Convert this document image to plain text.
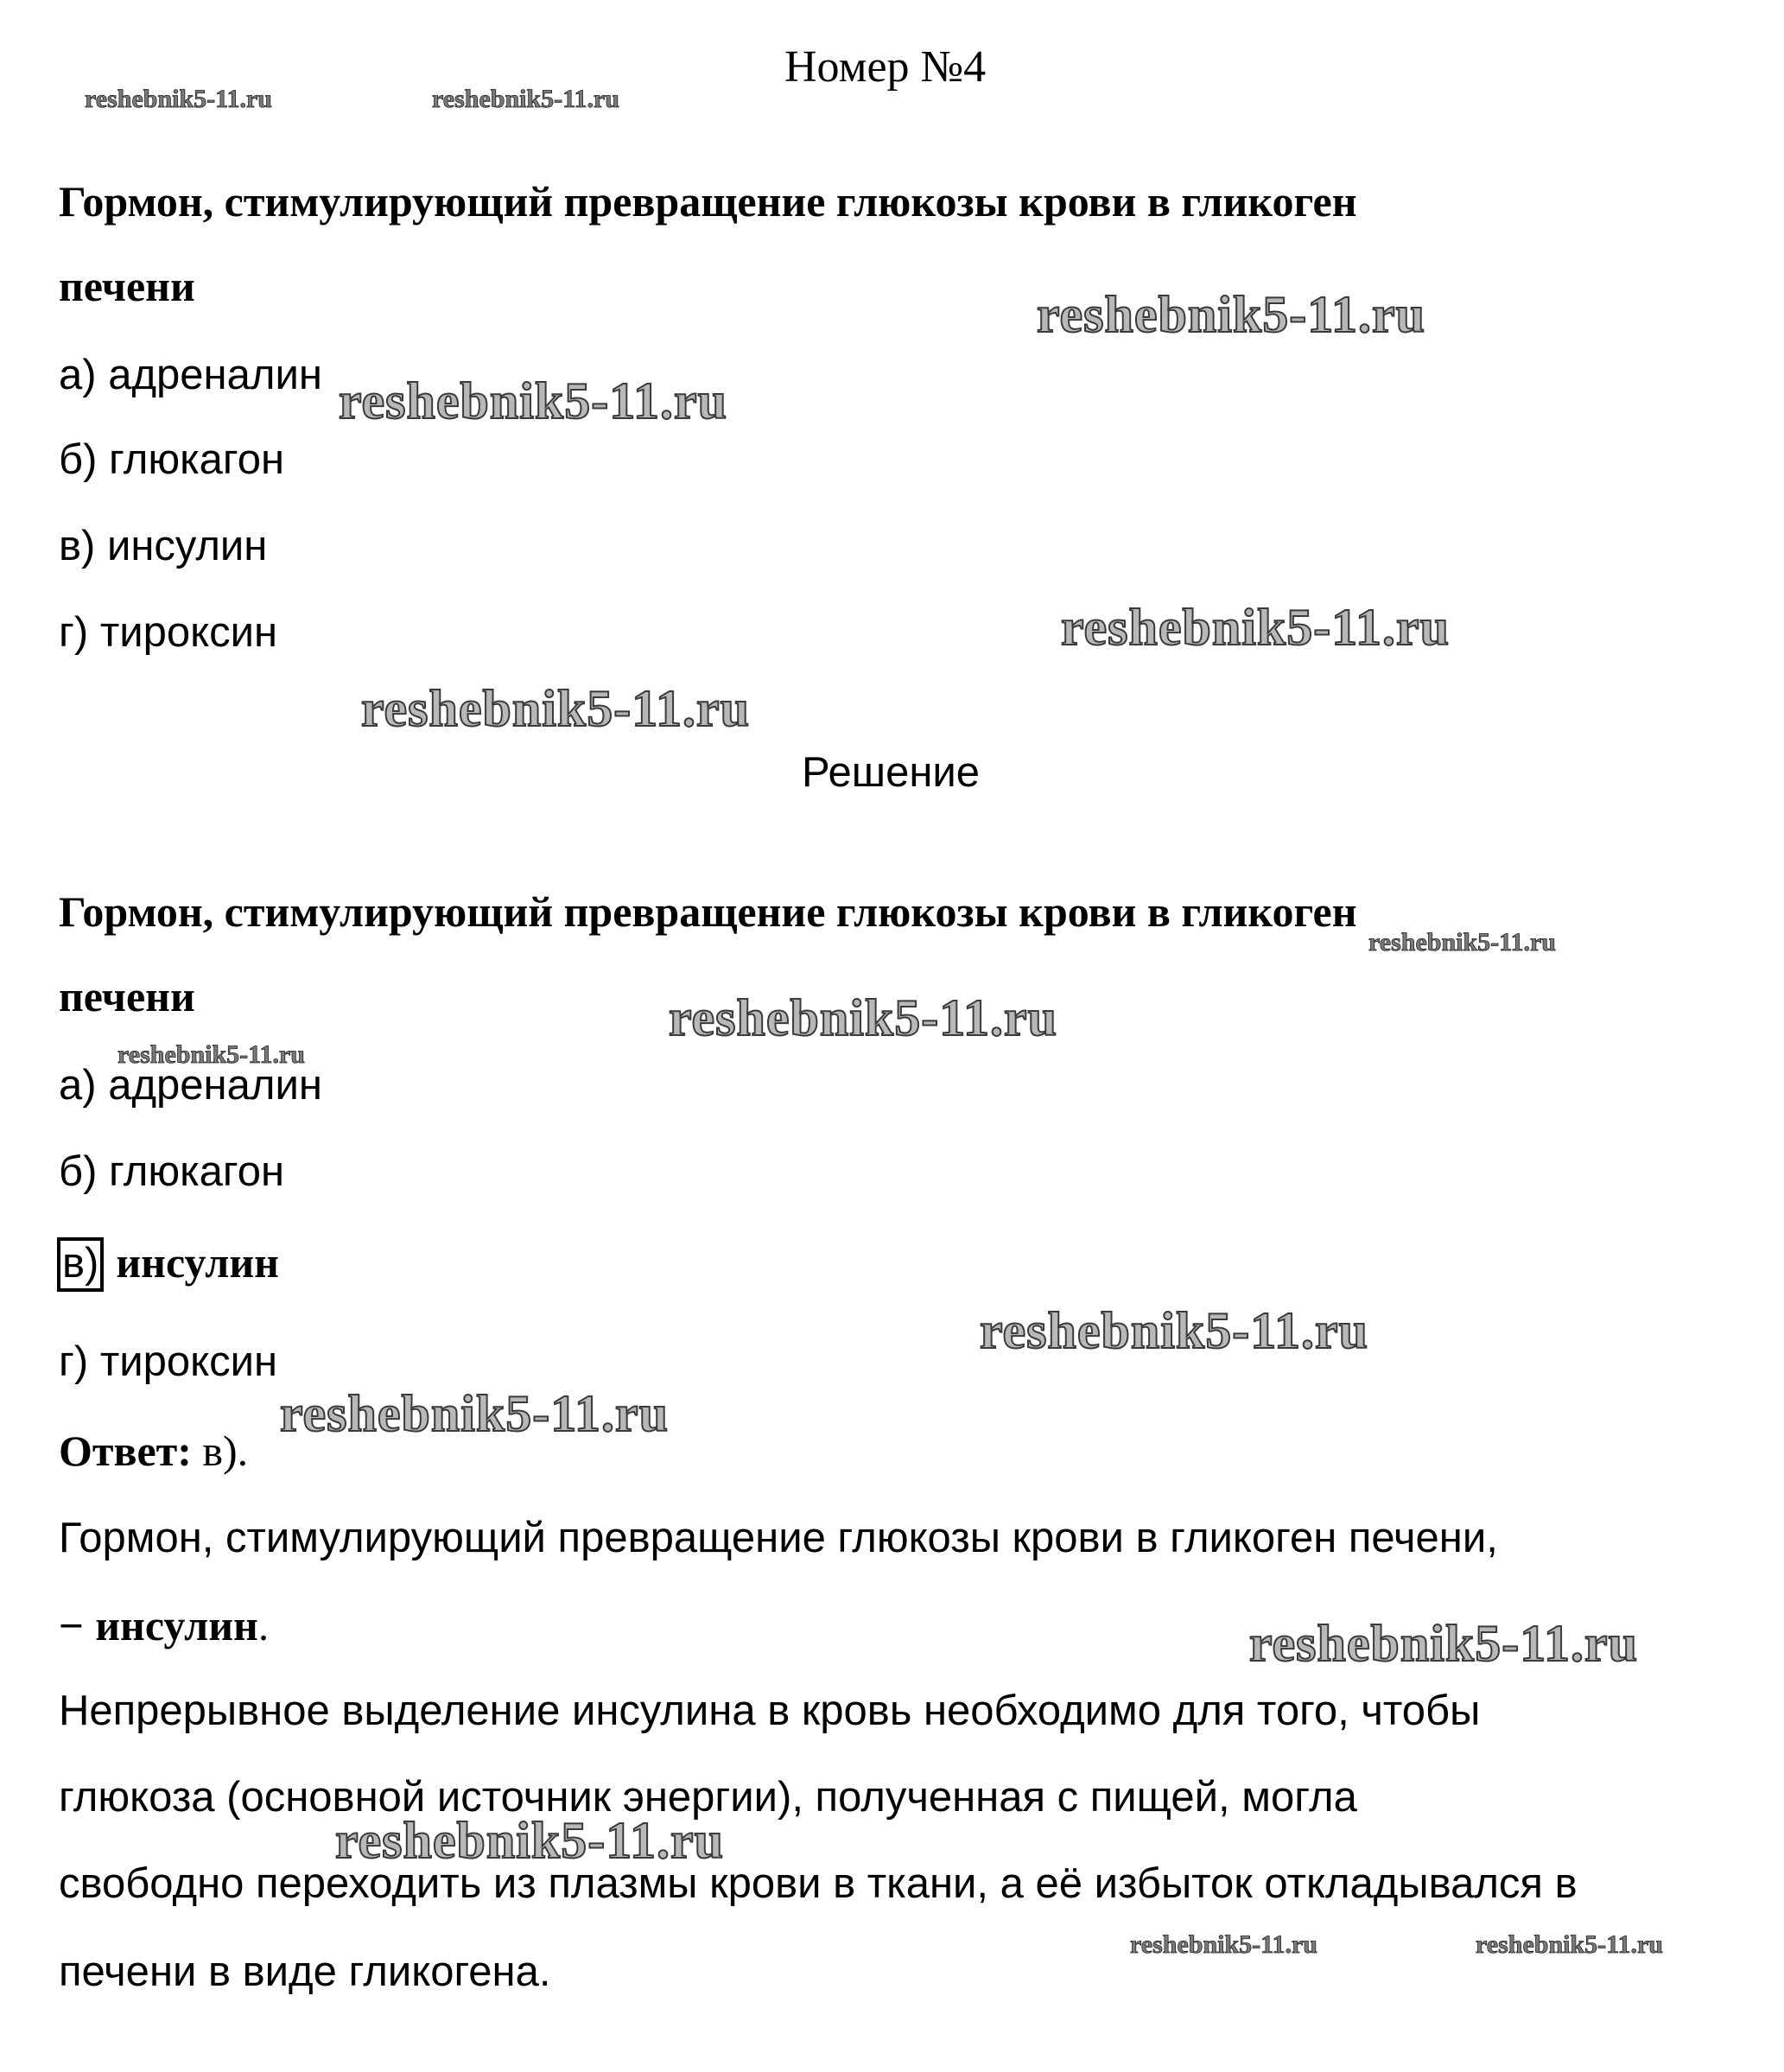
Номер №4
Гормон, стимулирующий превращение глюкозы крови в гликоген
печени
а) адреналин
б) глюкагон
в) инсулин
г) тироксин
Решение
Гормон, стимулирующий превращение глюкозы крови в гликоген
печени
а) адреналин
б) глюкагон
в) инсулин
г) тироксин
Ответ: в).
Гормон, стимулирующий превращение глюкозы крови в гликоген печени,
− инсулин.
Непрерывное выделение инсулина в кровь необходимо для того, чтобы
глюкоза (основной источник энергии), полученная с пищей, могла
свободно переходить из плазмы крови в ткани, а её избыток откладывался в
печени в виде гликогена.
reshebnik5-11.ru	reshebnik5-11.ru
reshebnik5-11.ru
reshebnik5-11.ru
reshebnik5-11.ru
reshebnik5-11.ru
reshebnik5-11.ru
reshebnik5-11.ru
reshebnik5-11.ru
reshebnik5-11.ru
reshebnik5-11.ru
reshebnik5-11.ru
reshebnik5-11.ru
reshebnik5-11.ru	reshebnik5-11.ru
